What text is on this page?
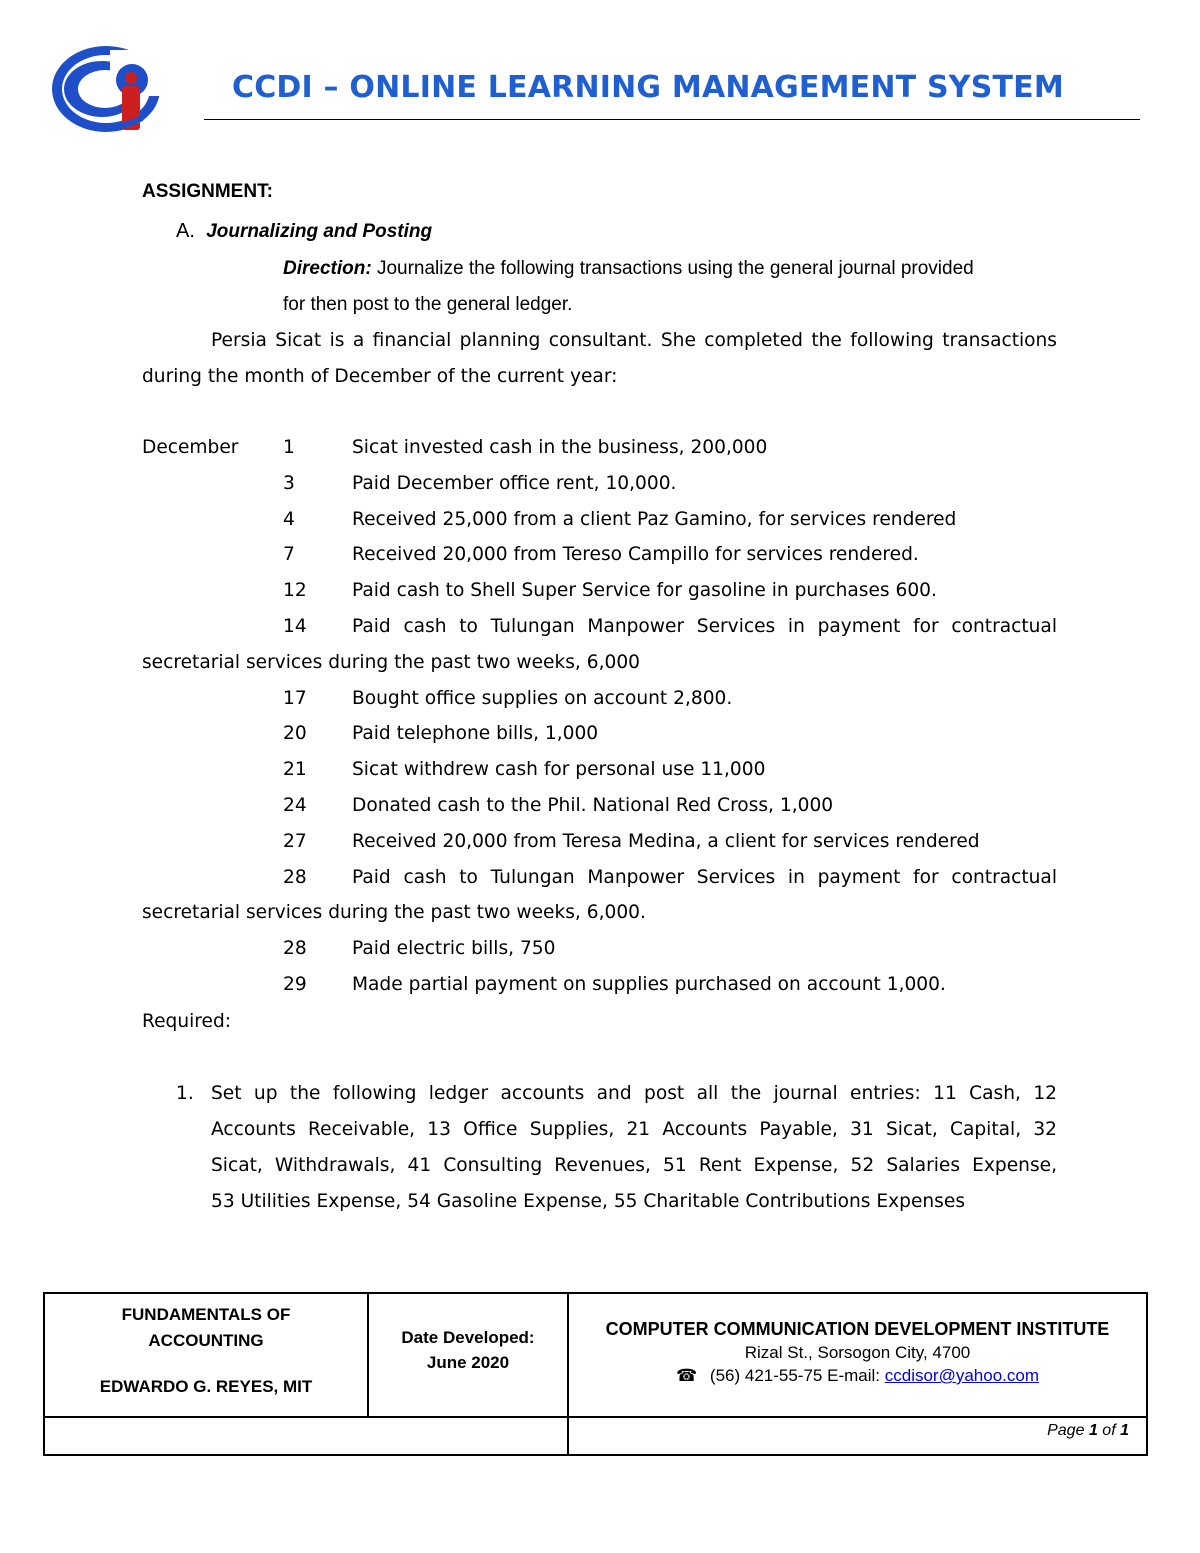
CCDI – ONLINE LEARNING MANAGEMENT SYSTEM
ASSIGNMENT:
A. Journalizing and Posting
Direction: Journalize the following transactions using the general journal provided
for then post to the general ledger.
Persia Sicat is a financial planning consultant. She completed the following transactions
during the month of December of the current year:
December 1	Sicat invested cash in the business, 200,000
3	Paid December office rent, 10,000.
4	Received 25,000 from a client Paz Gamino, for services rendered
7	Received 20,000 from Tereso Campillo for services rendered.
12 Paid cash to Shell Super Service for gasoline in purchases 600.
14 Paid cash to Tulungan Manpower Services in payment for contractual
secretarial services during the past two weeks, 6,000
17 Bought office supplies on account 2,800.
20 Paid telephone bills, 1,000
21 Sicat withdrew cash for personal use 11,000
24 Donated cash to the Phil. National Red Cross, 1,000
27 Received 20,000 from Teresa Medina, a client for services rendered
28 Paid cash to Tulungan Manpower Services in payment for contractual
secretarial services during the past two weeks, 6,000.
28 Paid electric bills, 750
29 Made partial payment on supplies purchased on account 1,000.
Required:
1. Set up the following ledger accounts and post all the journal entries: 11 Cash, 12
Accounts Receivable, 13 Office Supplies, 21 Accounts Payable, 31 Sicat, Capital, 32
Sicat, Withdrawals, 41 Consulting Revenues, 51 Rent Expense, 52 Salaries Expense,
53 Utilities Expense, 54 Gasoline Expense, 55 Charitable Contributions Expenses
FUNDAMENTALS OF
ACCOUNTING
EDWARDO G. REYES, MIT
Date Developed:
June 2020
COMPUTER COMMUNICATION DEVELOPMENT INSTITUTE
Rizal St., Sorsogon City, 4700
☎ (56) 421-55-75 E-mail: ccdisor@yahoo.com
Page 1 of 1
